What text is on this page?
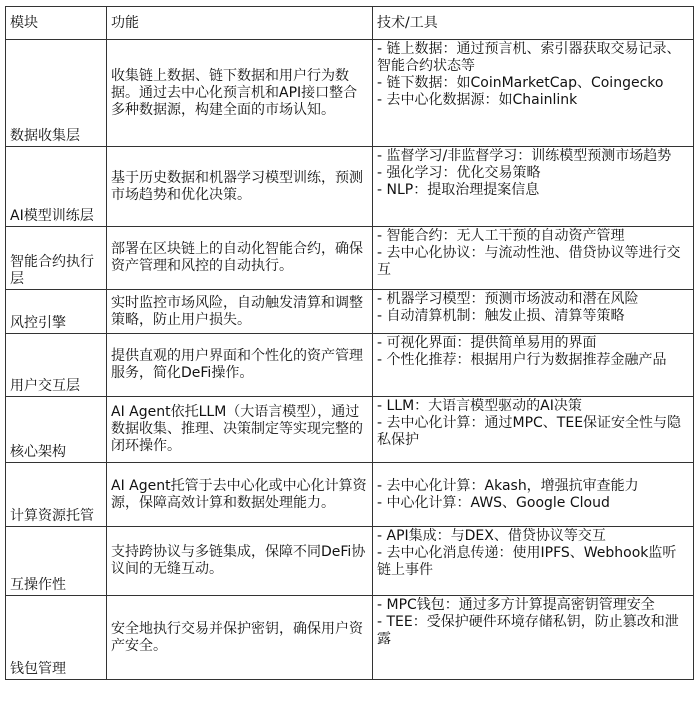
模块	功能	技术/工具
数据收集层	收集链上数据、链下数据和用户行为数据。通过去中心化预言机和API接口整合多种数据源，构建全面的市场认知。	- 链上数据：通过预言机、索引器获取交易记录、智能合约状态等
- 链下数据：如CoinMarketCap、Coingecko
- 去中心化数据源：如Chainlink

AI模型训练层	基于历史数据和机器学习模型训练，预测市场趋势和优化决策。	- 监督学习/非监督学习：训练模型预测市场趋势
- 强化学习：优化交易策略
- NLP：提取治理提案信息

智能合约执行层	部署在区块链上的自动化智能合约，确保资产管理和风控的自动执行。	- 智能合约：无人工干预的自动资产管理
- 去中心化协议：与流动性池、借贷协议等进行交互

风控引擎	实时监控市场风险，自动触发清算和调整策略，防止用户损失。	- 机器学习模型：预测市场波动和潜在风险
- 自动清算机制：触发止损、清算等策略

用户交互层	提供直观的用户界面和个性化的资产管理服务，简化DeFi操作。	- 可视化界面：提供简单易用的界面
- 个性化推荐：根据用户行为数据推荐金融产品

核心架构	AI Agent依托LLM（大语言模型），通过数据收集、推理、决策制定等实现完整的闭环操作。	- LLM：大语言模型驱动的AI决策
- 去中心化计算：通过MPC、TEE保证安全性与隐私保护

计算资源托管	AI Agent托管于去中心化或中心化计算资源，保障高效计算和数据处理能力。	- 去中心化计算：Akash，增强抗审查能力
- 中心化计算：AWS、Google Cloud

互操作性	支持跨协议与多链集成，保障不同DeFi协议间的无缝互动。	- API集成：与DEX、借贷协议等交互
- 去中心化消息传递：使用IPFS、Webhook监听链上事件

钱包管理	安全地执行交易并保护密钥，确保用户资产安全。	- MPC钱包：通过多方计算提高密钥管理安全
- TEE：受保护硬件环境存储私钥，防止篡改和泄露
